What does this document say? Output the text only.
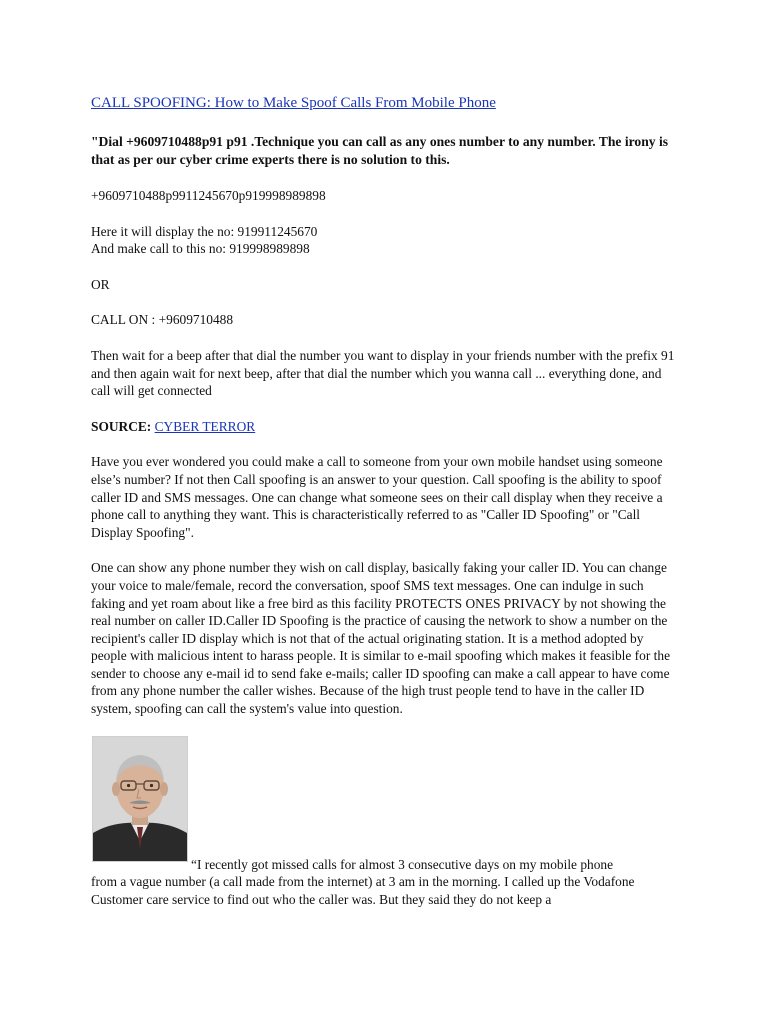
CALL SPOOFING: How to Make Spoof Calls From Mobile Phone

"Dial +9609710488p91 p91 .Technique you can call as any ones number to any number. The irony is that as per our cyber crime experts there is no solution to this.

+9609710488p9911245670p919998989898

Here it will display the no: 919911245670
And make call to this no: 919998989898

OR

CALL ON : +9609710488

Then wait for a beep after that dial the number you want to display in your friends number with the prefix 91 and then again wait for next beep, after that dial the number which you wanna call ... everything done, and call will get connected

SOURCE: CYBER TERROR

Have you ever wondered you could make a call to someone from your own mobile handset using someone else’s number? If not then Call spoofing is an answer to your question. Call spoofing is the ability to spoof caller ID and SMS messages. One can change what someone sees on their call display when they receive a phone call to anything they want. This is characteristically referred to as "Caller ID Spoofing" or "Call Display Spoofing".

One can show any phone number they wish on call display, basically faking your caller ID. You can change your voice to male/female, record the conversation, spoof SMS text messages. One can indulge in such faking and yet roam about like a free bird as this facility PROTECTS ONES PRIVACY by not showing the real number on caller ID.Caller ID Spoofing is the practice of causing the network to show a number on the recipient's caller ID display which is not that of the actual originating station. It is a method adopted by people with malicious intent to harass people. It is similar to e-mail spoofing which makes it feasible for the sender to choose any e-mail id to send fake e-mails; caller ID spoofing can make a call appear to have come from any phone number the caller wishes. Because of the high trust people tend to have in the caller ID system, spoofing can call the system's value into question.

“I recently got missed calls for almost 3 consecutive days on my mobile phone
from a vague number (a call made from the internet) at 3 am in the morning. I called up the Vodafone Customer care service to find out who the caller was. But they said they do not keep a
